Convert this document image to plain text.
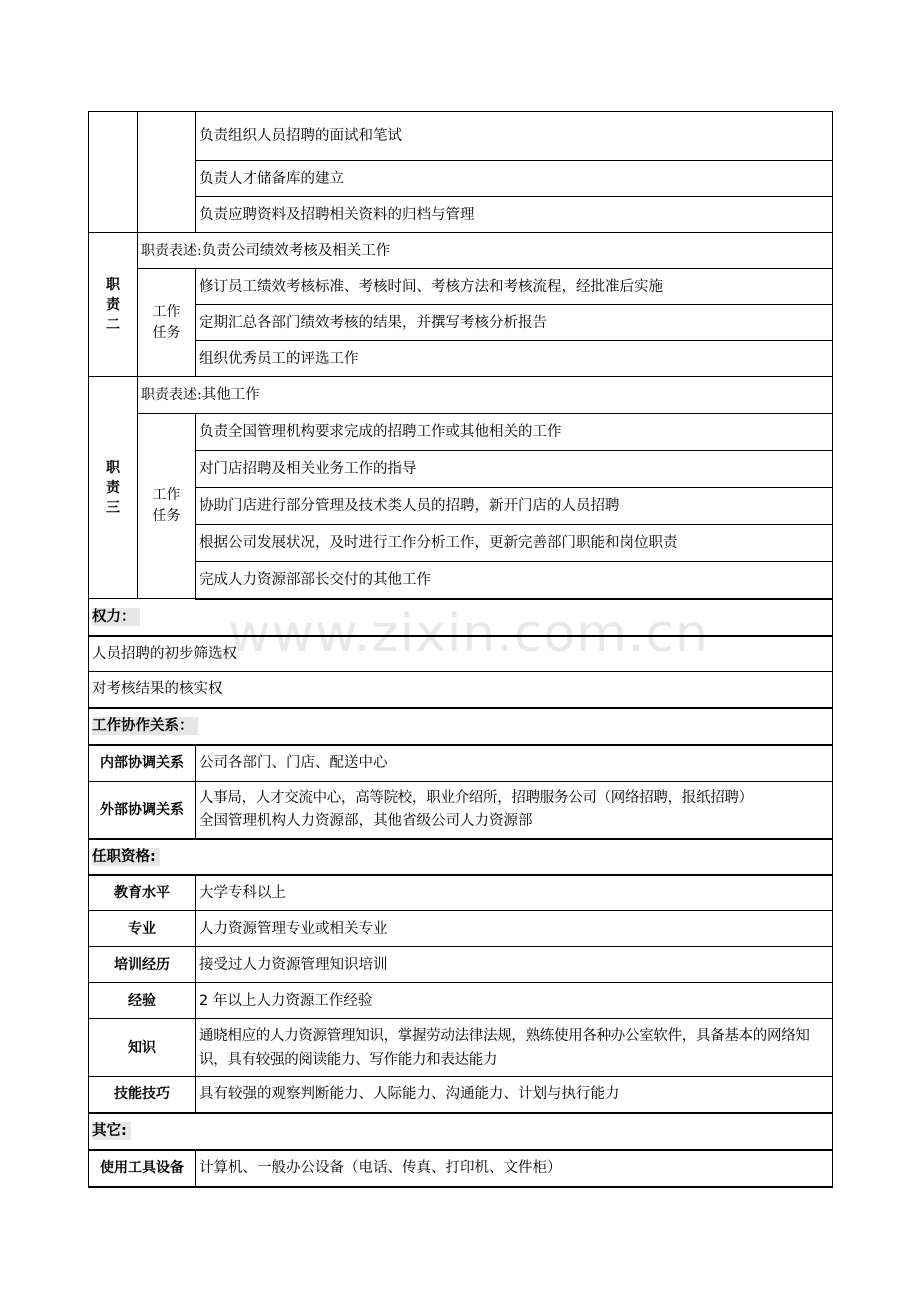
		负责组织人员招聘的面试和笔试
		负责人才储备库的建立
		负责应聘资料及招聘相关资料的归档与管理
职
责
二	职责表述:负责公司绩效考核及相关工作	
	工作
任务	修订员工绩效考核标准、考核时间、考核方法和考核流程，经批准后实施
		定期汇总各部门绩效考核的结果，并撰写考核分析报告
		组织优秀员工的评选工作
职
责
三	职责表述:其他工作	
	工作
任务	负责全国管理机构要求完成的招聘工作或其他相关的工作
		对门店招聘及相关业务工作的指导
		协助门店进行部分管理及技术类人员的招聘，新开门店的人员招聘
		根据公司发展状况，及时进行工作分析工作，更新完善部门职能和岗位职责
		完成人力资源部部长交付的其他工作
权力：		
人员招聘的初步筛选权		
对考核结果的核实权		
工作协作关系：		
内部协调关系		公司各部门、门店、配送中心
外部协调关系		人事局，人才交流中心，高等院校，职业介绍所，招聘服务公司（网络招聘，报纸招聘）
全国管理机构人力资源部，其他省级公司人力资源部

任职资格:		
教育水平		大学专科以上
专业		人力资源管理专业或相关专业
培训经历		接受过人力资源管理知识培训
经验		2 年以上人力资源工作经验
知识		通晓相应的人力资源管理知识，掌握劳动法律法规，熟练使用各种办公室软件，具备基本的网络知识，具有较强的阅读能力、写作能力和表达能力
技能技巧		具有较强的观察判断能力、人际能力、沟通能力、计划与执行能力
其它:		
使用工具设备		计算机、一般办公设备（电话、传真、打印机、文件柜）
www.zixin.com.cn
